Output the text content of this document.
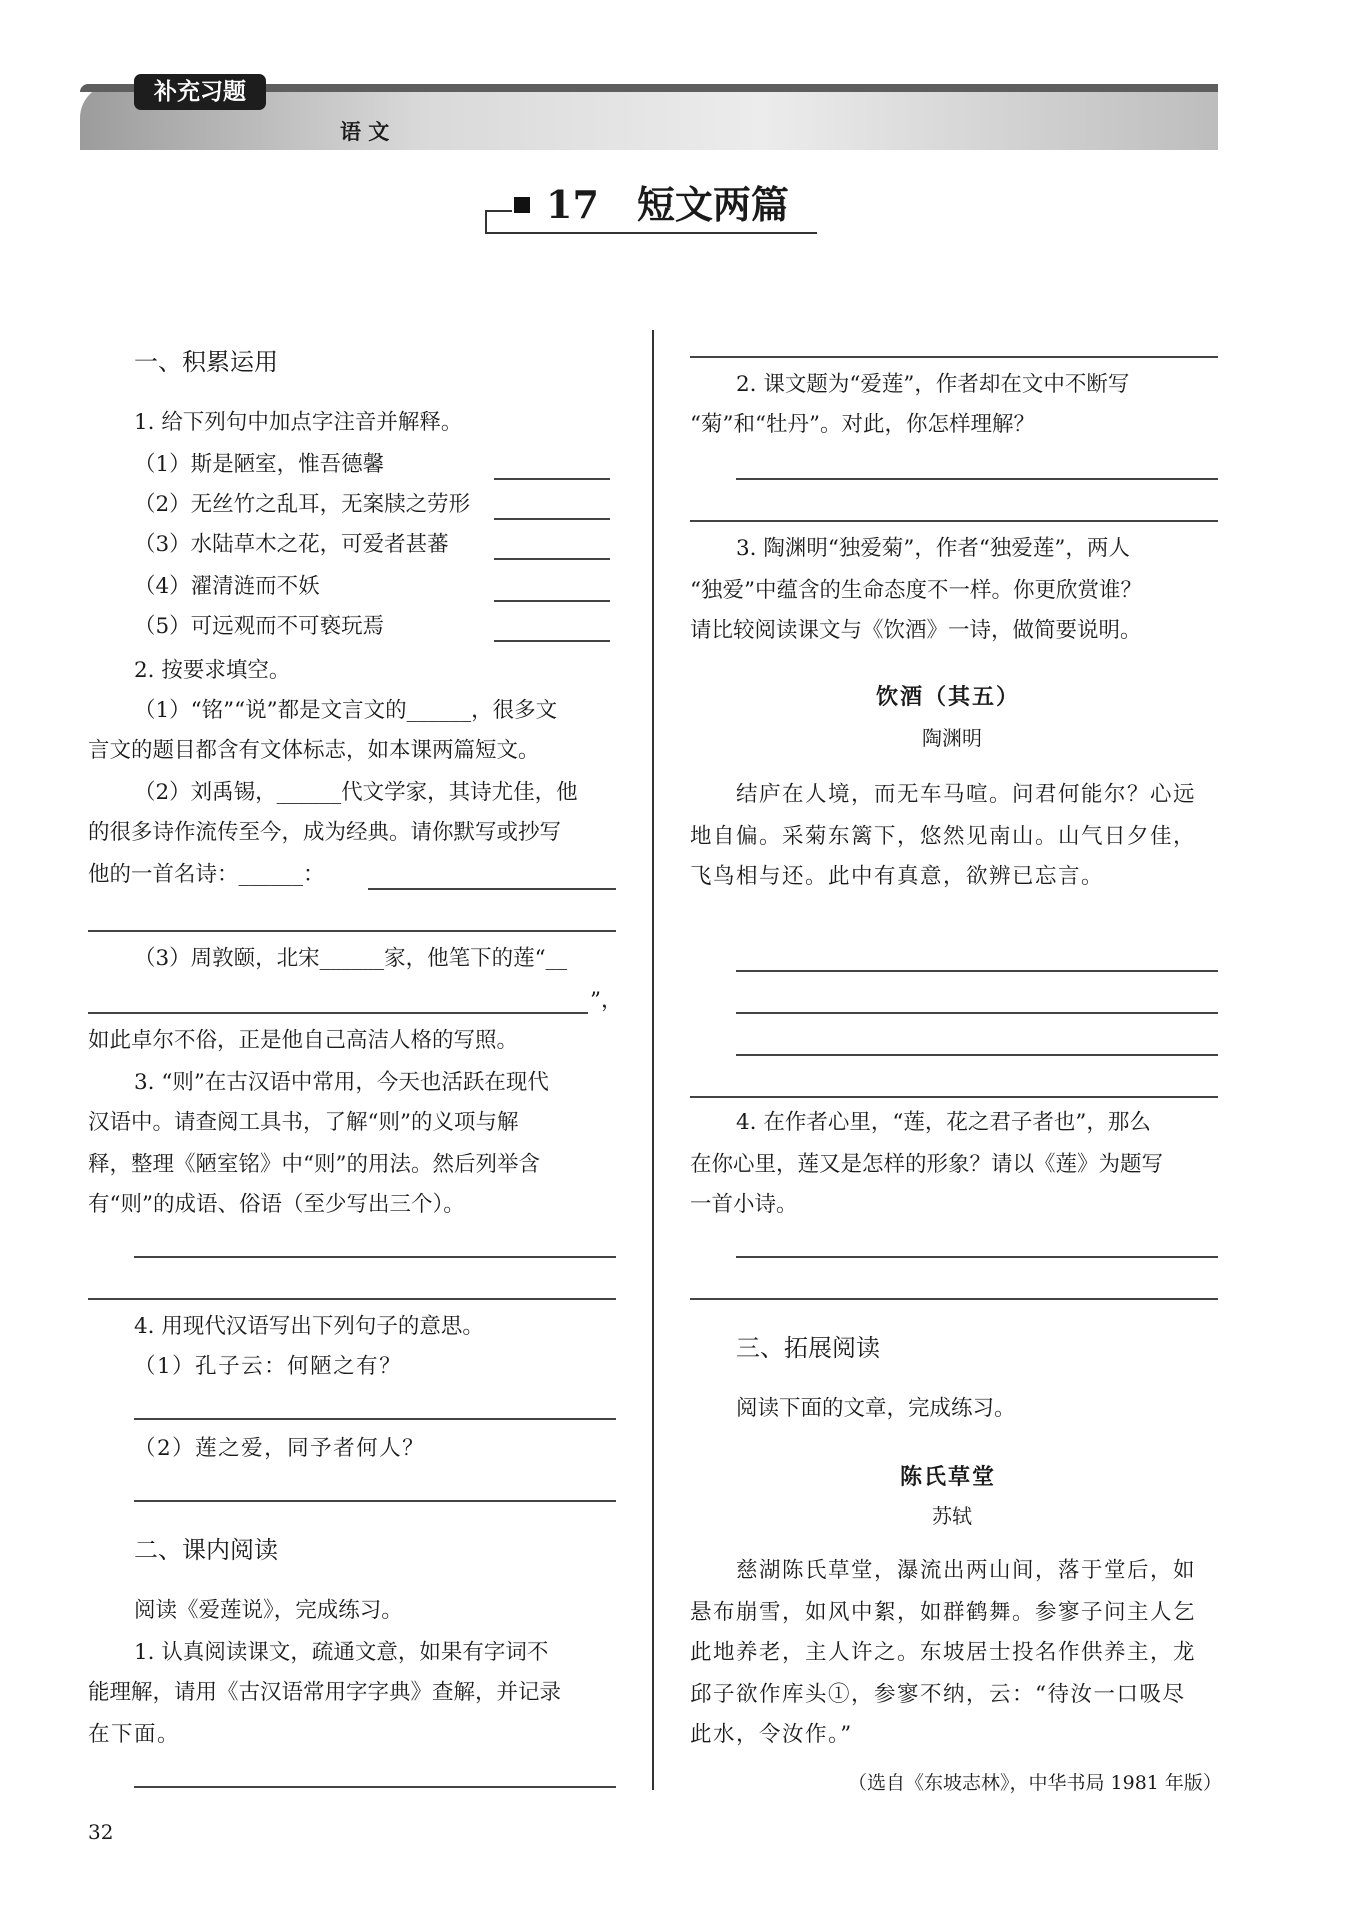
补充习题
语 文
17 短文两篇
一、积累运用
1. 给下列句中加点字注音并解释。
（1）斯是陋室，惟吾德馨
（2）无丝竹之乱耳，无案牍之劳形
（3）水陆草木之花，可爱者甚蕃
（4）濯清涟而不妖
（5）可远观而不可亵玩焉
2. 按要求填空。
（1）“铭”“说”都是文言文的______，很多文
言文的题目都含有文体标志，如本课两篇短文。
（2）刘禹锡，______代文学家，其诗尤佳，他
的很多诗作流传至今，成为经典。请你默写或抄写
他的一首名诗：______：
（3）周敦颐，北宋______家，他笔下的莲“__
”，
如此卓尔不俗，正是他自己高洁人格的写照。
3. “则”在古汉语中常用，今天也活跃在现代
汉语中。请查阅工具书，了解“则”的义项与解
释，整理《陋室铭》中“则”的用法。然后列举含
有“则”的成语、俗语（至少写出三个）。
4. 用现代汉语写出下列句子的意思。
（1）孔子云：何陋之有？
（2）莲之爱，同予者何人？
二、课内阅读
阅读《爱莲说》，完成练习。
1. 认真阅读课文，疏通文意，如果有字词不
能理解，请用《古汉语常用字字典》查解，并记录
在下面。
2. 课文题为“爱莲”，作者却在文中不断写
“菊”和“牡丹”。对此，你怎样理解？
3. 陶渊明“独爱菊”，作者“独爱莲”，两人
“独爱”中蕴含的生命态度不一样。你更欣赏谁？
请比较阅读课文与《饮酒》一诗，做简要说明。
饮酒（其五）
陶渊明
结庐在人境，而无车马喧。问君何能尔？心远
地自偏。采菊东篱下，悠然见南山。山气日夕佳，
飞鸟相与还。此中有真意，欲辨已忘言。
4. 在作者心里，“莲，花之君子者也”，那么
在你心里，莲又是怎样的形象？请以《莲》为题写
一首小诗。
三、拓展阅读
阅读下面的文章，完成练习。
陈氏草堂
苏轼
慈湖陈氏草堂，瀑流出两山间，落于堂后，如
悬布崩雪，如风中絮，如群鹤舞。参寥子问主人乞
此地养老，主人许之。东坡居士投名作供养主，龙
邱子欲作库头①，参寥不纳，云：“待汝一口吸尽
此水，令汝作。”
（选自《东坡志林》，中华书局 1981 年版）
32
